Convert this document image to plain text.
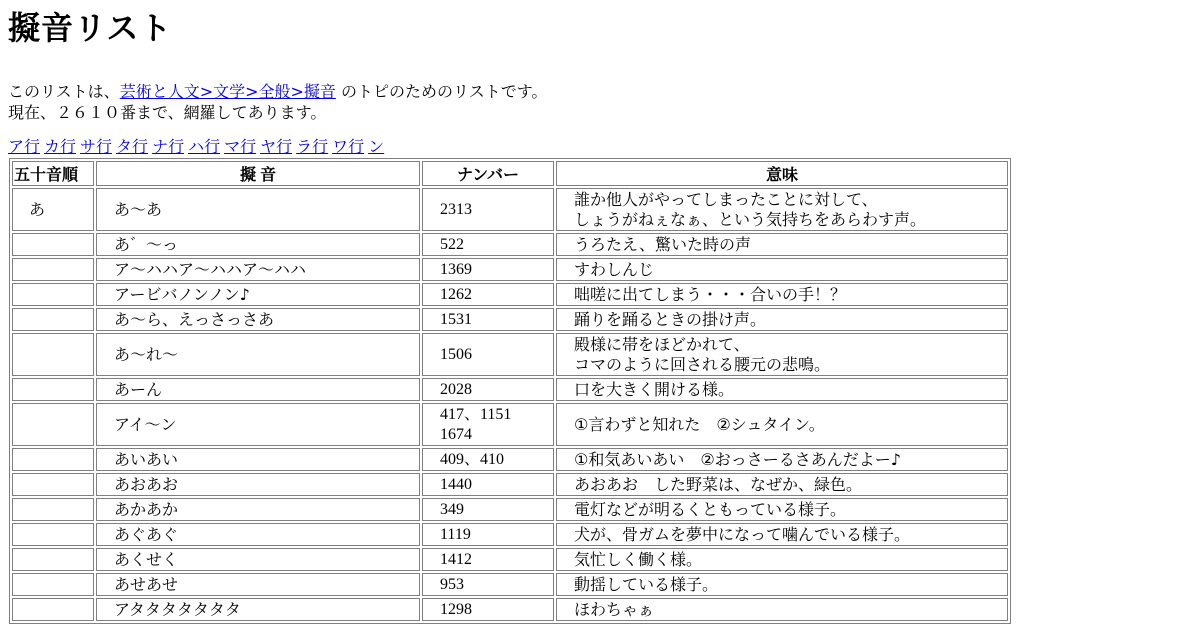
擬音リスト
このリストは、芸術と人文>文学>全般>擬音 のトピのためのリストです。
現在、２６１０番まで、網羅してあります。
ア行 カ行 サ行 タ行 ナ行 ハ行 マ行 ヤ行 ラ行 ワ行 ン
五十音順	擬 音	ナンバー	意味
あ	あ～あ	2313	誰か他人がやってしまったことに対して、
しょうがねぇなぁ、という気持ちをあらわす声。
	あ゛～っ	522	うろたえ、驚いた時の声
	ア～ハハア～ハハア～ハハ	1369	すわしんじ
	アービバノンノン♪	1262	咄嗟に出てしまう・・・合いの手！？
	あ～ら、えっさっさあ	1531	踊りを踊るときの掛け声。
	あ～れ～	1506	殿様に帯をほどかれて、
コマのように回される腰元の悲鳴。
	あーん	2028	口を大きく開ける様。
	アイ～ン	417、1151
1674	①言わずと知れた　②シュタイン。
	あいあい	409、410	①和気あいあい　②おっさーるさあんだよー♪
	あおあお	1440	あおあお　した野菜は、なぜか、緑色。
	あかあか	349	電灯などが明るくともっている様子。
	あぐあぐ	1119	犬が、骨ガムを夢中になって噛んでいる様子。
	あくせく	1412	気忙しく働く様。
	あせあせ	953	動揺している様子。
	アタタタタタタタ	1298	ほわちゃぁ
